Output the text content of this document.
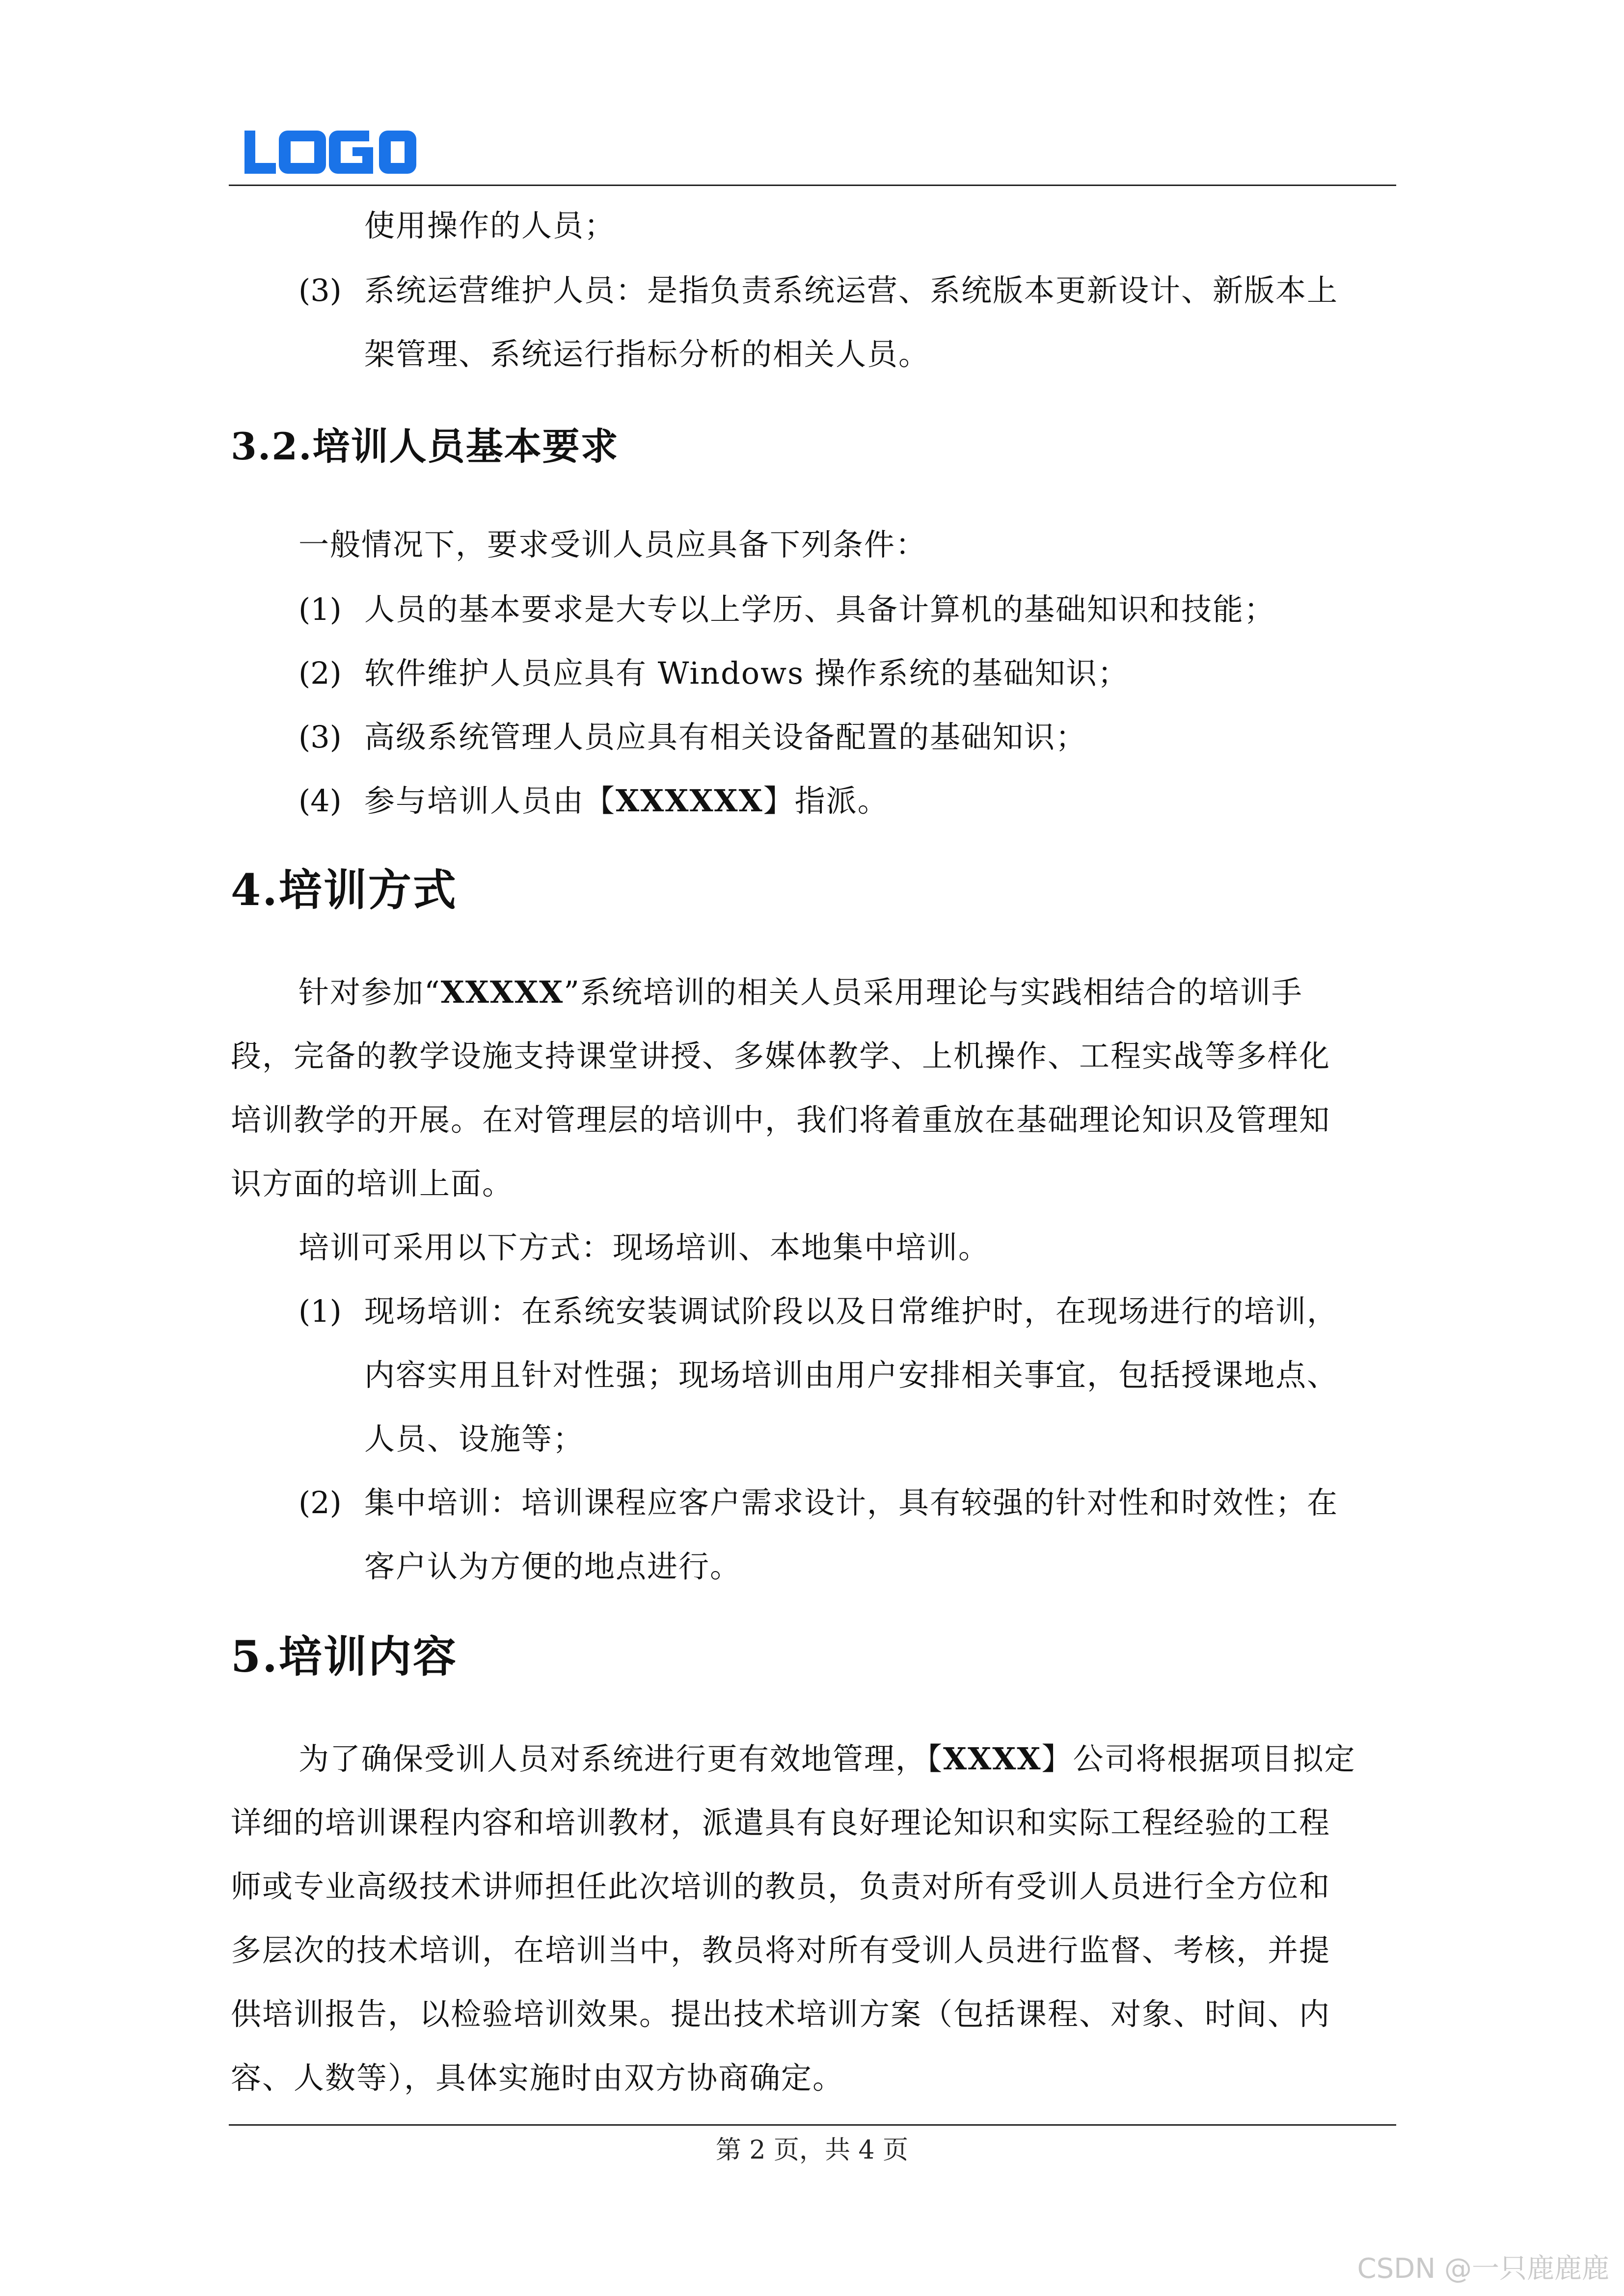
使用操作的人员；
(3) 系统运营维护人员：是指负责系统运营、系统版本更新设计、新版本上
架管理、系统运行指标分析的相关人员。
3.2.培训人员基本要求
一般情况下，要求受训人员应具备下列条件：
(1) 人员的基本要求是大专以上学历、具备计算机的基础知识和技能；
(2) 软件维护人员应具有 Windows 操作系统的基础知识；
(3) 高级系统管理人员应具有相关设备配置的基础知识；
(4) 参与培训人员由【XXXXXX】指派。
4.培训方式
针对参加“XXXXX”系统培训的相关人员采用理论与实践相结合的培训手
段，完备的教学设施支持课堂讲授、多媒体教学、上机操作、工程实战等多样化
培训教学的开展。在对管理层的培训中，我们将着重放在基础理论知识及管理知
识方面的培训上面。
培训可采用以下方式：现场培训、本地集中培训。
(1) 现场培训：在系统安装调试阶段以及日常维护时，在现场进行的培训，
内容实用且针对性强；现场培训由用户安排相关事宜，包括授课地点、
人员、设施等；
(2) 集中培训：培训课程应客户需求设计，具有较强的针对性和时效性；在
客户认为方便的地点进行。
5.培训内容
为了确保受训人员对系统进行更有效地管理，【XXXX】公司将根据项目拟定
详细的培训课程内容和培训教材，派遣具有良好理论知识和实际工程经验的工程
师或专业高级技术讲师担任此次培训的教员，负责对所有受训人员进行全方位和
多层次的技术培训，在培训当中，教员将对所有受训人员进行监督、考核，并提
供培训报告，以检验培训效果。提出技术培训方案（包括课程、对象、时间、内
容、人数等），具体实施时由双方协商确定。
第 2 页，共 4 页
CSDN @一只鹿鹿鹿
